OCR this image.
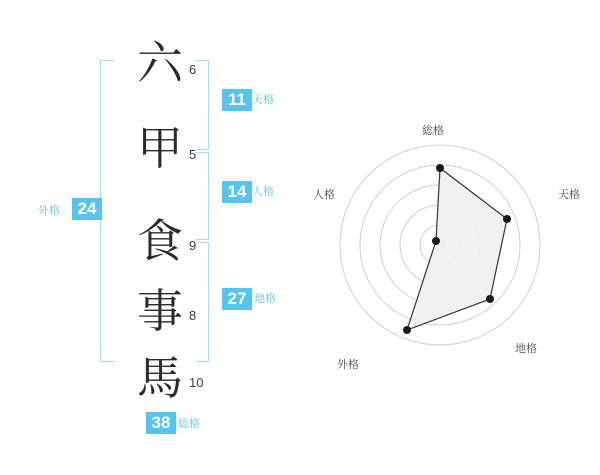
六 6
甲 5
食 9
事 8
馬 10
11 天格
14 人格
27 地格
外格	24
38 総格
総格
天格
地格
外格
人格
